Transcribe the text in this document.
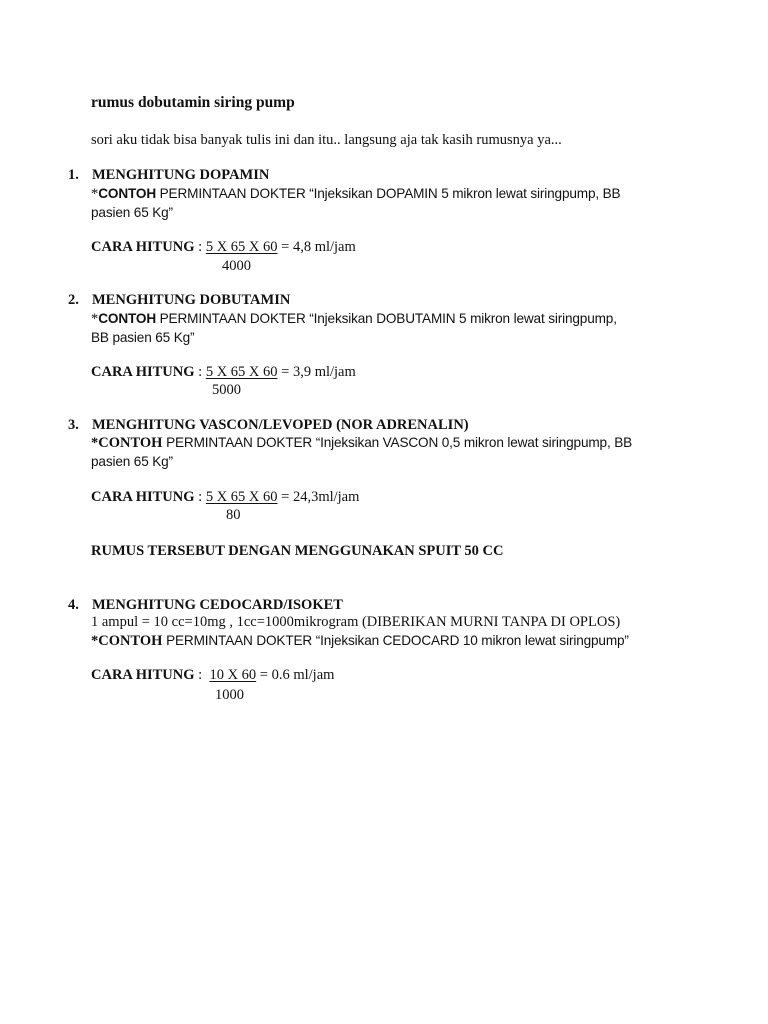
rumus dobutamin siring pump
sori aku tidak bisa banyak tulis ini dan itu.. langsung aja tak kasih rumusnya ya...
1. MENGHITUNG DOPAMIN
*CONTOH PERMINTAAN DOKTER “Injeksikan DOPAMIN 5 mikron lewat siringpump, BB
pasien 65 Kg”
CARA HITUNG : 5 X 65 X 60 = 4,8 ml/jam
4000
2. MENGHITUNG DOBUTAMIN
*CONTOH PERMINTAAN DOKTER “Injeksikan DOBUTAMIN 5 mikron lewat siringpump,
BB pasien 65 Kg”
CARA HITUNG : 5 X 65 X 60 = 3,9 ml/jam
5000
3. MENGHITUNG VASCON/LEVOPED (NOR ADRENALIN)
*CONTOH PERMINTAAN DOKTER “Injeksikan VASCON 0,5 mikron lewat siringpump, BB
pasien 65 Kg”
CARA HITUNG : 5 X 65 X 60 = 24,3ml/jam
80
RUMUS TERSEBUT DENGAN MENGGUNAKAN SPUIT 50 CC
4. MENGHITUNG CEDOCARD/ISOKET
1 ampul = 10 cc=10mg , 1cc=1000mikrogram (DIBERIKAN MURNI TANPA DI OPLOS)
*CONTOH PERMINTAAN DOKTER “Injeksikan CEDOCARD 10 mikron lewat siringpump”
CARA HITUNG :  10 X 60 = 0.6 ml/jam
1000
